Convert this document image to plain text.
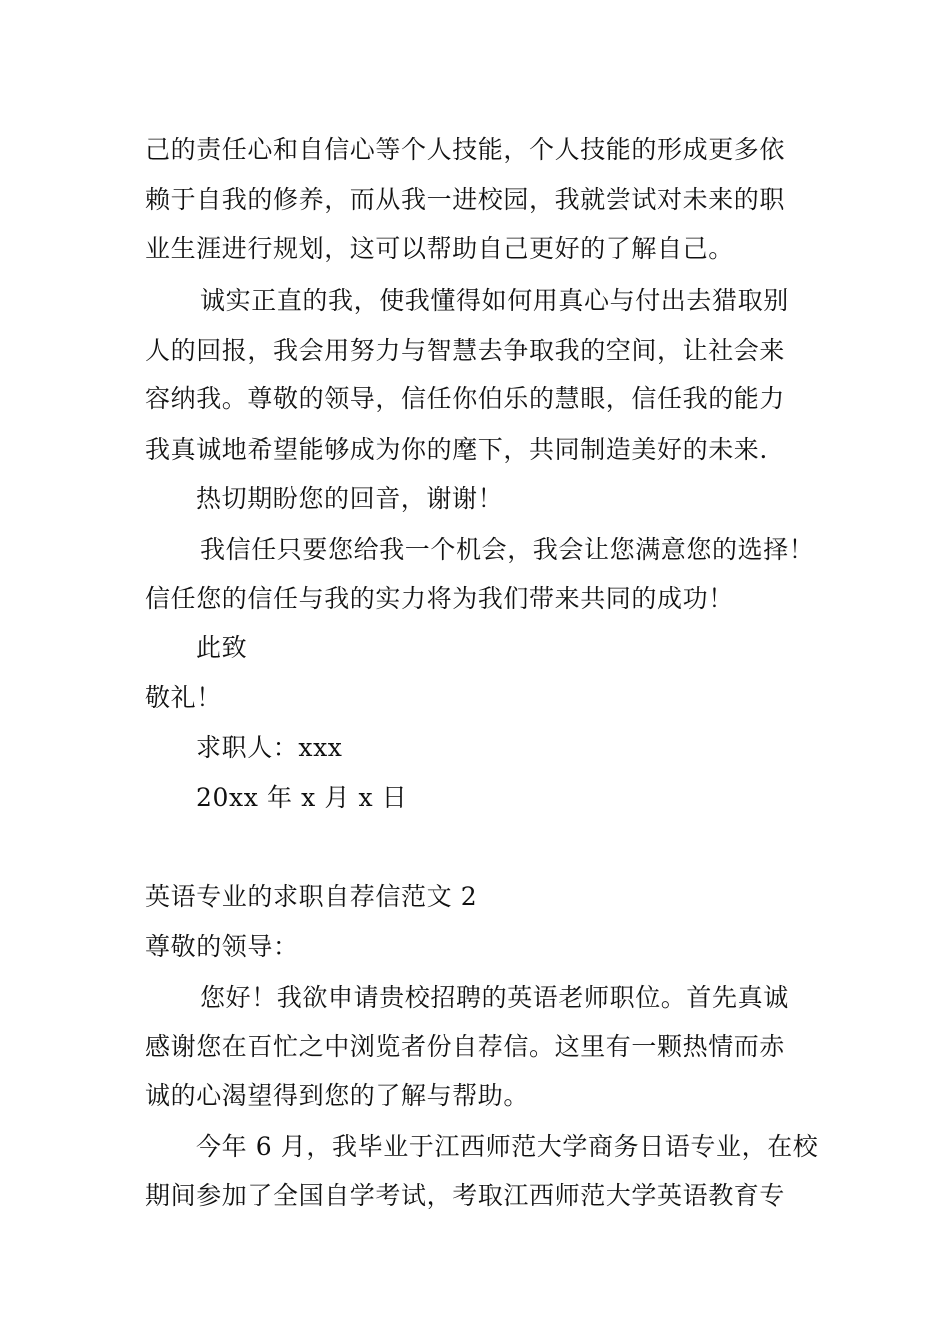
己的责任心和自信心等个人技能，个人技能的形成更多依
赖于自我的修养，而从我一进校园，我就尝试对未来的职
业生涯进行规划，这可以帮助自己更好的了解自己。
诚实正直的我，使我懂得如何用真心与付出去猎取别
人的回报，我会用努力与智慧去争取我的空间，让社会来
容纳我。尊敬的领导，信任你伯乐的慧眼，信任我的能力
我真诚地希望能够成为你的麾下，共同制造美好的未来.
热切期盼您的回音，谢谢！
我信任只要您给我一个机会，我会让您满意您的选择！
信任您的信任与我的实力将为我们带来共同的成功！
此致
敬礼！
求职人：xxx
20xx 年 x 月 x 日
英语专业的求职自荐信范文 2
尊敬的领导：
您好！我欲申请贵校招聘的英语老师职位。首先真诚
感谢您在百忙之中浏览者份自荐信。这里有一颗热情而赤
诚的心渴望得到您的了解与帮助。
今年 6 月，我毕业于江西师范大学商务日语专业，在校
期间参加了全国自学考试，考取江西师范大学英语教育专
